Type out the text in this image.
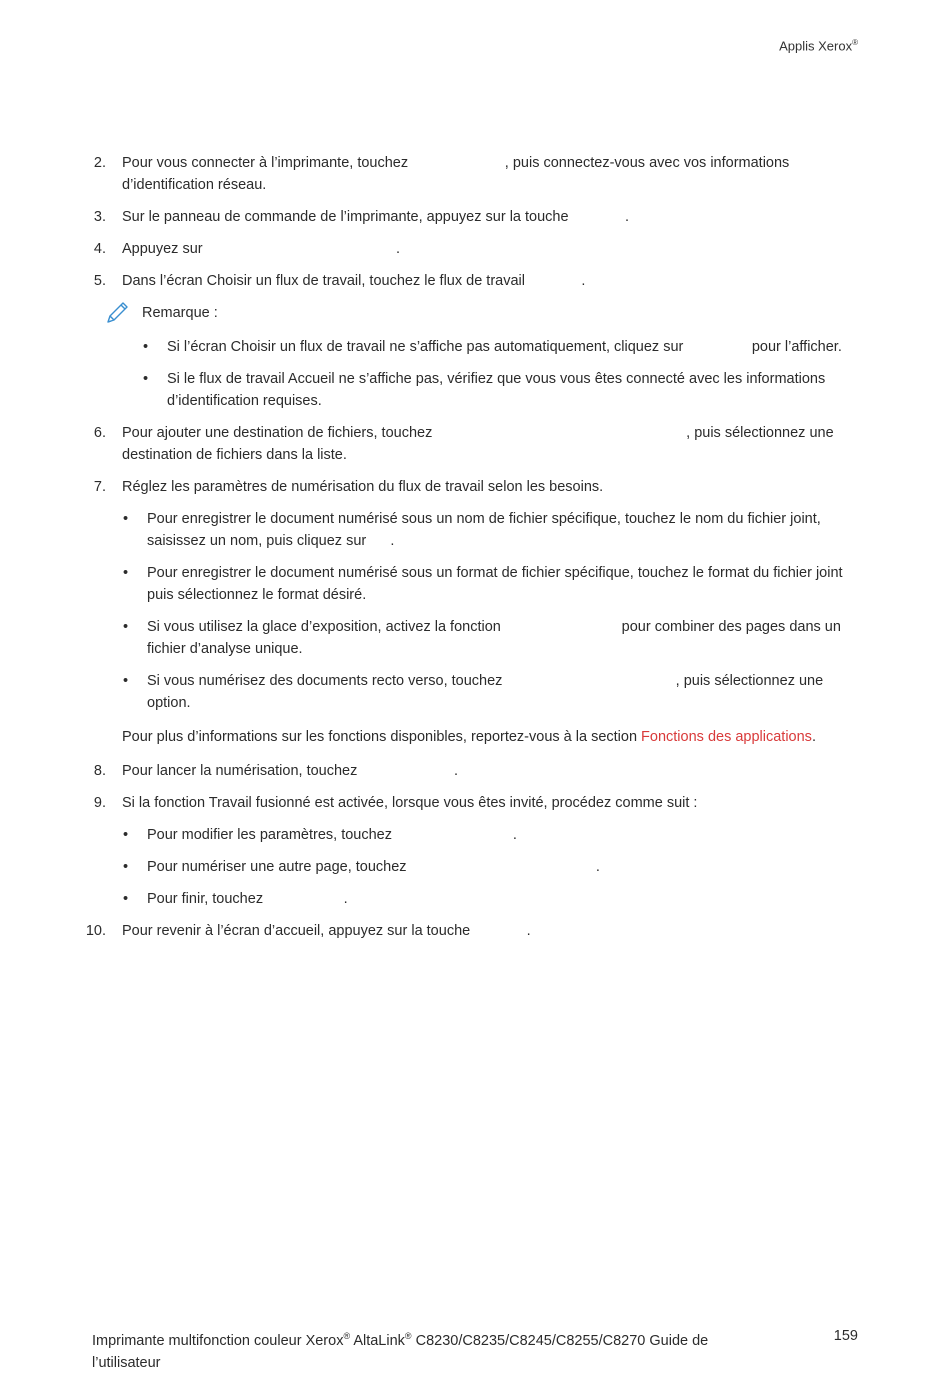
Applis Xerox®
2. Pour vous connecter à l’imprimante, touchez                        , puis connectez-vous avec vos informations d’identification réseau.
3. Sur le panneau de commande de l’imprimante, appuyez sur la touche              .
4. Appuyez sur                                                .
5. Dans l’écran Choisir un flux de travail, touchez le flux de travail              .
Remarque :
• Si l’écran Choisir un flux de travail ne s’affiche pas automatiquement, cliquez sur                 pour l’afficher.
• Si le flux de travail Accueil ne s’affiche pas, vérifiez que vous vous êtes connecté avec les informations d’identification requises.
6. Pour ajouter une destination de fichiers, touchez                                                               , puis sélectionnez une destination de fichiers dans la liste.
7. Réglez les paramètres de numérisation du flux de travail selon les besoins.
• Pour enregistrer le document numérisé sous un nom de fichier spécifique, touchez le nom du fichier joint, saisissez un nom, puis cliquez sur      .
• Pour enregistrer le document numérisé sous un format de fichier spécifique, touchez le format du fichier joint puis sélectionnez le format désiré.
• Si vous utilisez la glace d’exposition, activez la fonction                              pour combiner des pages dans un fichier d’analyse unique.
• Si vous numérisez des documents recto verso, touchez                                           , puis sélectionnez une option.
Pour plus d’informations sur les fonctions disponibles, reportez-vous à la section Fonctions des applications.
8. Pour lancer la numérisation, touchez                        .
9. Si la fonction Travail fusionné est activée, lorsque vous êtes invité, procédez comme suit :
• Pour modifier les paramètres, touchez                              .
• Pour numériser une autre page, touchez                                               .
• Pour finir, touchez                    .
10. Pour revenir à l’écran d’accueil, appuyez sur la touche              .
Imprimante multifonction couleur Xerox® AltaLink® C8230/C8235/C8245/C8255/C8270 Guide de l’utilisateur
159
